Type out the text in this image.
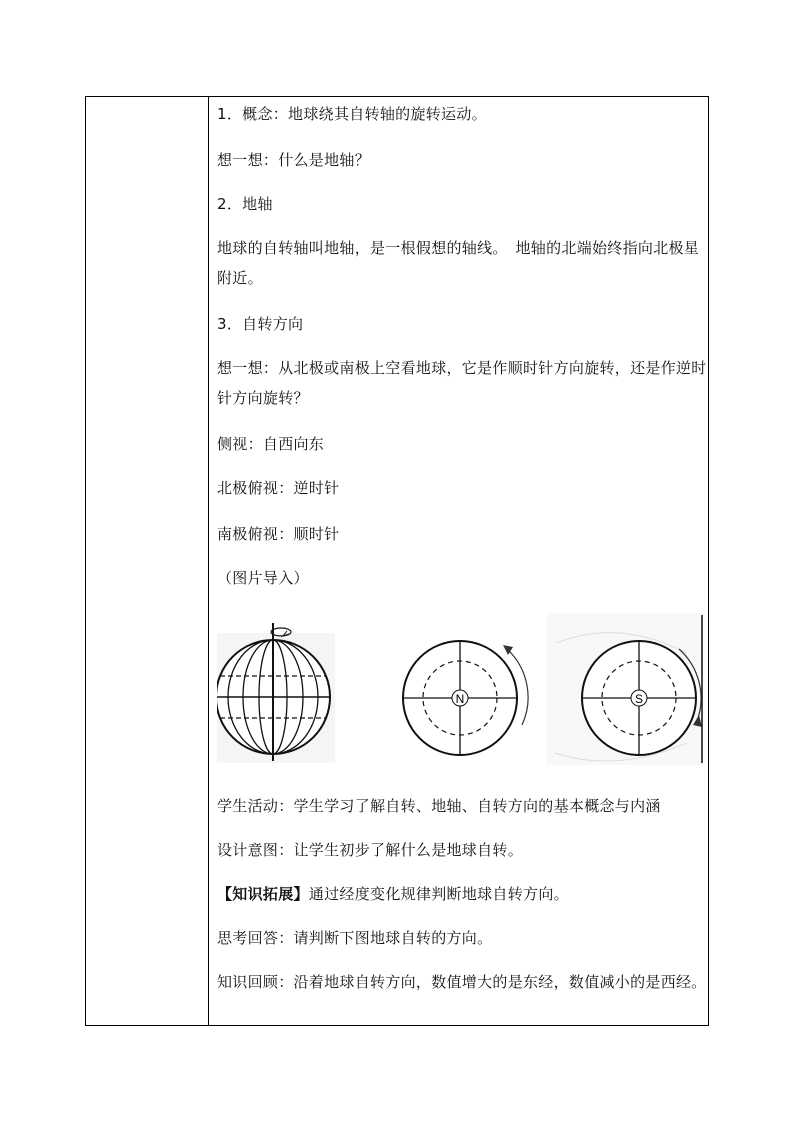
1．概念：地球绕其自转轴的旋转运动。

想一想：什么是地轴？

2．地轴

地球的自转轴叫地轴，是一根假想的轴线。　地轴的北端始终指向北极星附近。

3．自转方向

想一想：从北极或南极上空看地球，它是作顺时针方向旋转，还是作逆时针方向旋转？

侧视：自西向东

北极俯视：逆时针

南极俯视：顺时针

（图片导入）

N	S

学生活动：学生学习了解自转、地轴、自转方向的基本概念与内涵

设计意图：让学生初步了解什么是地球自转。

【知识拓展】通过经度变化规律判断地球自转方向。

思考回答：请判断下图地球自转的方向。

知识回顾：沿着地球自转方向，数值增大的是东经，数值减小的是西经。
